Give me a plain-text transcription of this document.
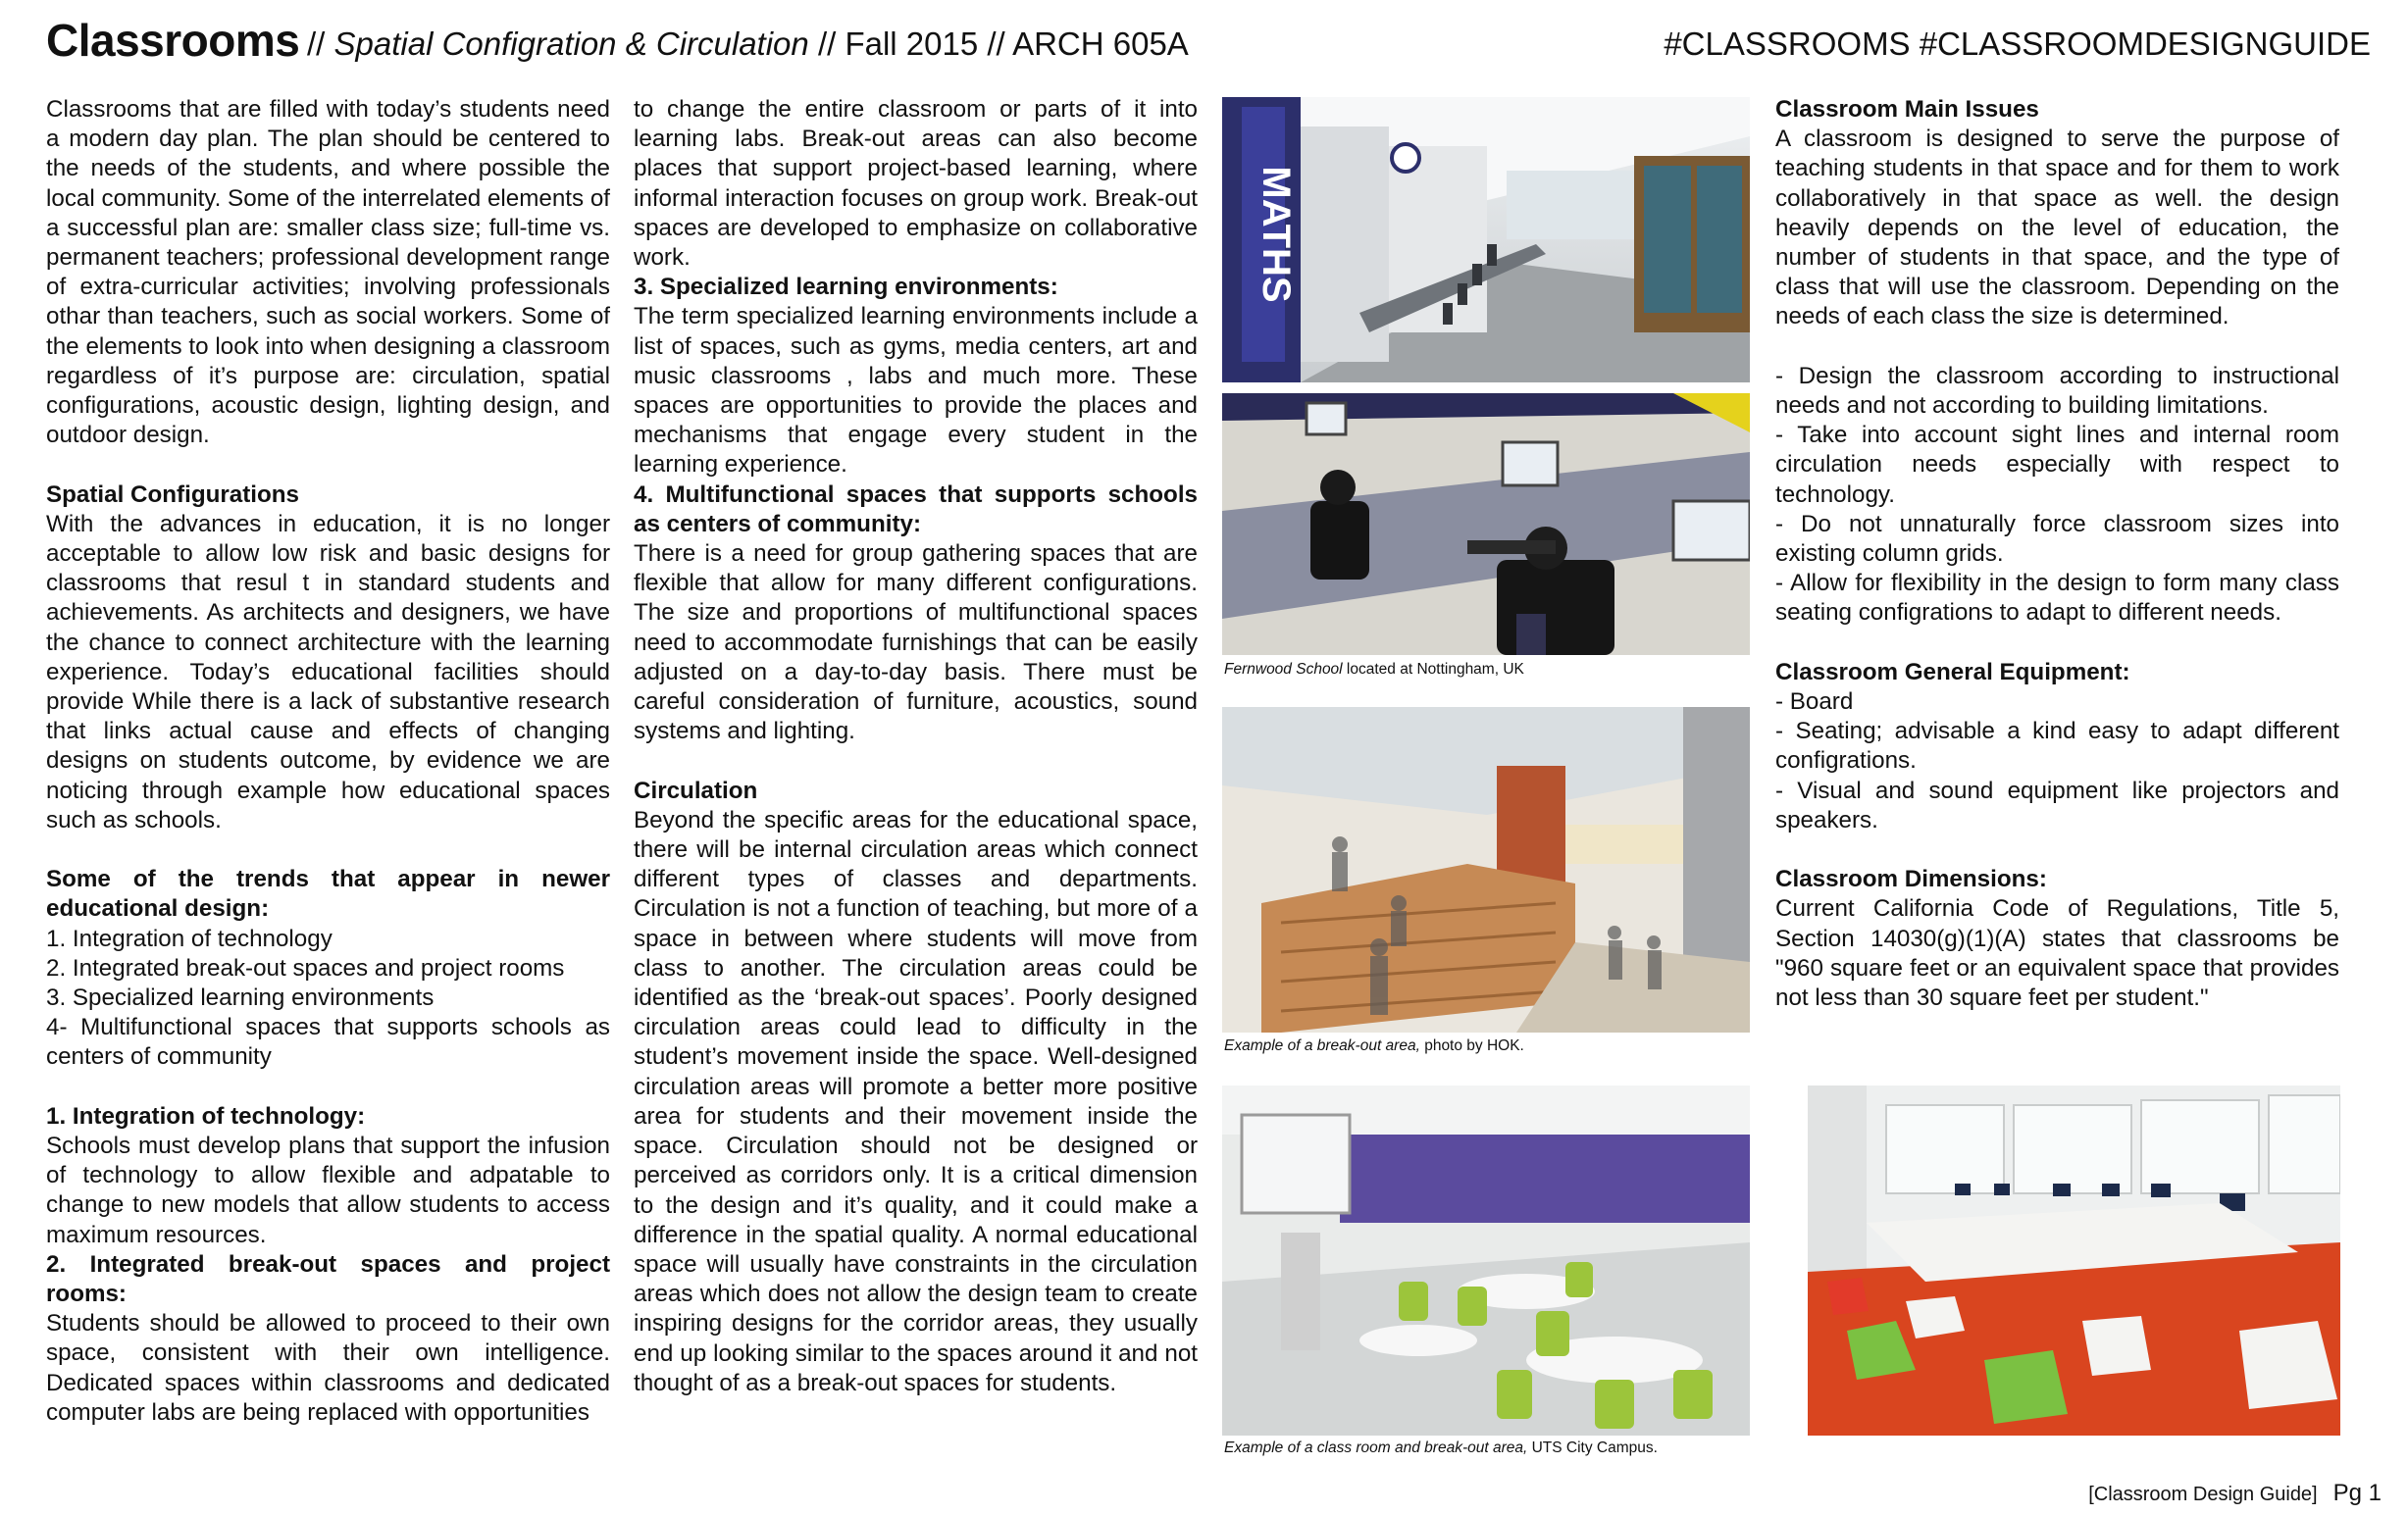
Classrooms // Spatial Configration & Circulation // Fall 2015 // ARCH 605A	#CLASSROOMS #CLASSROOMDESIGNGUIDE

Classrooms that are filled with today’s students need a modern day plan. The plan should be centered to the needs of the students, and where possible the local community. Some of the interrelated elements of a successful plan are: smaller class size; full-time vs. permanent teachers; professional development range of extra-curricular activities; involving professionals othar than teachers, such as social workers. Some of the elements to look into when designing a classroom regardless of it’s purpose are: circulation, spatial configurations, acoustic design, lighting design, and outdoor design.

Spatial Configurations

With the advances in education, it is no longer acceptable to allow low risk and basic designs for classrooms that resul t in standard students and achievements. As architects and designers, we have the chance to connect architecture with the learning experience. Today’s educational facilities should provide While there is a lack of substantive research that links actual cause and effects of changing designs on students outcome, by evidence we are noticing through example how educational spaces such as schools.

Some of the trends that appear in newer educational design:
1. Integration of technology
2. Integrated break-out spaces and project rooms
3. Specialized learning environments
4- Multifunctional spaces that supports schools as centers of community
1. Integration of technology:

Schools must develop plans that support the infusion of technology to allow flexible and adpatable to change to new models that allow students to access maximum resources.

2. Integrated break-out spaces and project rooms:

Students should be allowed to proceed to their own space, consistent with their own intelligence. Dedicated spaces within classrooms and dedicated computer labs are being replaced with opportunities

to change the entire classroom or parts of it into learning labs. Break-out areas can also become places that support project-based learning, where informal interaction focuses on group work. Break-out spaces are developed to emphasize on collaborative work.

3. Specialized learning environments:

The term specialized learning environments include a list of spaces, such as gyms, media centers, art and music classrooms , labs and much more. These spaces are opportunities to provide the places and mechanisms that engage every student in the learning experience.

4. Multifunctional spaces that supports schools as centers of community:

There is a need for group gathering spaces that are flexible that allow for many different configurations. The size and proportions of multifunctional spaces need to accommodate furnishings that can be easily adjusted on a day-to-day basis. There must be careful consideration of furniture, acoustics, sound systems and lighting.

Circulation

Beyond the specific areas for the educational space, there will be internal circulation areas which connect different types of classes and departments. Circulation is not a function of teaching, but more of a space in between where students will move from class to another. The circulation areas could be identified as the ‘break-out spaces’. Poorly designed circulation areas could lead to difficulty in the student’s movement inside the space. Well-designed circulation areas will promote a better more positive area for students and their movement inside the space. Circulation should not be designed or perceived as corridors only. It is a critical dimension to the design and it’s quality, and it could make a difference in the spatial quality. A normal educational space will usually have constraints in the circulation areas which does not allow the design team to create inspiring designs for the corridor areas, they usually end up looking similar to the spaces around it and not thought of as a break-out spaces for students.

MATHS
Fernwood School located at Nottingham, UK
Example of a break-out area, photo by HOK.
Example of a class room and break-out area, UTS City Campus.
Classroom Main Issues

A classroom is designed to serve the purpose of teaching students in that space and for them to work collaboratively in that space as well. the design heavily depends on the level of education, the number of students in that space, and the type of class that will use the classroom. Depending on the needs of each class the size is determined.

- Design the classroom according to instructional needs and not according to building limitations.
- Take into account sight lines and internal room circulation needs especially with respect to technology.
- Do not unnaturally force classroom sizes into existing column grids.
- Allow for flexibility in the design to form many class seating configrations to adapt to different needs.
Classroom General Equipment:
- Board
- Seating; advisable a kind easy to adapt different configrations.
- Visual and sound equipment like projectors and speakers.
Classroom Dimensions:

Current California Code of Regulations, Title 5, Section 14030(g)(1)(A) states that classrooms be "960 square feet or an equivalent space that provides not less than 30 square feet per student."

[Classroom Design Guide] Pg 1
